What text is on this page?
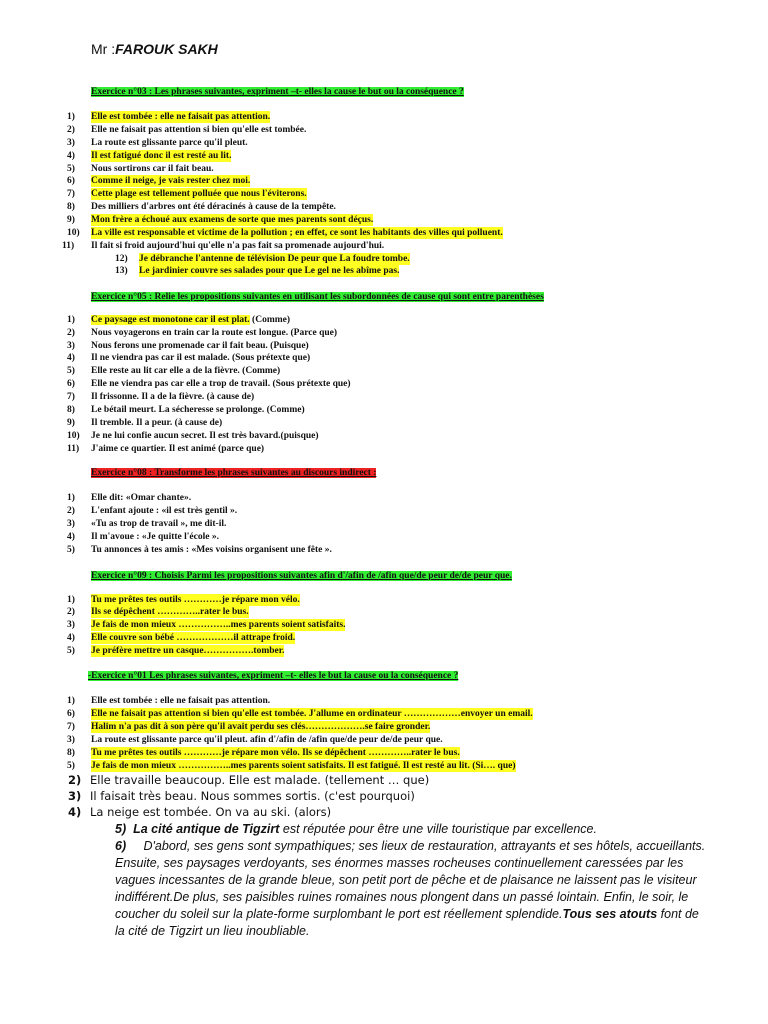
Mr :FAROUK SAKH
Exercice n°03 : Les phrases suivantes, expriment –t- elles la cause le but ou la conséquence ?
1) Elle est tombée : elle ne faisait pas attention.
2) Elle ne faisait pas attention si bien qu'elle est tombée.
3) La route est glissante parce qu'il pleut.
4) Il est fatigué donc il est resté au lit.
5) Nous sortirons car il fait beau.
6) Comme il neige, je vais rester chez moi.
7) Cette plage est tellement polluée que nous l'éviterons.
8) Des milliers d'arbres ont été déracinés à cause de la tempête.
9) Mon frère a échoué aux examens de sorte que mes parents sont déçus.
10) La ville est responsable et victime de la pollution ; en effet, ce sont les habitants des villes qui polluent.
11) Il fait si froid aujourd'hui qu'elle n'a pas fait sa promenade aujourd'hui.
12) Je débranche l'antenne de télévision De peur que La foudre tombe.
13) Le jardinier couvre ses salades pour que Le gel ne les abîme pas.
Exercice n°05 : Relie les propositions suivantes en utilisant les subordonnées de cause qui sont entre parenthèses
1) Ce paysage est monotone car il est plat. (Comme)
2) Nous voyagerons en train car la route est longue. (Parce que)
3) Nous ferons une promenade car il fait beau. (Puisque)
4) Il ne viendra pas car il est malade. (Sous prétexte que)
5) Elle reste au lit car elle a de la fièvre. (Comme)
6) Elle ne viendra pas car elle a trop de travail. (Sous prétexte que)
7) Il frissonne. Il a de la fièvre. (à cause de)
8) Le bétail meurt. La sécheresse se prolonge. (Comme)
9) Il tremble. Il a peur. (à cause de)
10) Je ne lui confie aucun secret. Il est très bavard.(puisque)
11) J'aime ce quartier. Il est animé (parce que)
Exercice n°08 : Transforme les phrases suivantes au discours indirect :
1) Elle dit: «Omar chante».
2) L'enfant ajoute : «il est très gentil ».
3) «Tu as trop de travail », me dit-il.
4) Il m'avoue : «Je quitte l'école ».
5) Tu annonces à tes amis : «Mes voisins organisent une fête ».
Exercice n°09 : Choisis Parmi les propositions suivantes afin d'/afin de /afin que/de peur de/de peur que.
1) Tu me prêtes tes outils …………je répare mon vélo.
2) Ils se dépêchent …………..rater le bus.
3) Je fais de mon mieux ……………..mes parents soient satisfaits.
4) Elle couvre son bébé ………………il attrape froid.
5) Je préfère mettre un casque…………….tomber.
-Exercice n°01 Les phrases suivantes, expriment –t- elles le but la cause ou la conséquence ?
1) Elle est tombée : elle ne faisait pas attention.
6) Elle ne faisait pas attention si bien qu'elle est tombée. J'allume en ordinateur ………………envoyer un email.
7) Halim n'a pas dit à son père qu'il avait perdu ses clés……………….se faire gronder.
3) La route est glissante parce qu'il pleut. afin d'/afin de /afin que/de peur de/de peur que.
8) Tu me prêtes tes outils …………je répare mon vélo. Ils se dépêchent …………..rater le bus.
5) Je fais de mon mieux ……………..mes parents soient satisfaits. Il est fatigué. Il est resté au lit. (Si…. que)
2) Elle travaille beaucoup. Elle est malade. (tellement … que)
3) Il faisait très beau. Nous sommes sortis. (c'est pourquoi)
4) La neige est tombée. On va au ski. (alors)
5) La cité antique de Tigzirt est réputée pour être une ville touristique par excellence.
6) D'abord, ses gens sont sympathiques; ses lieux de restauration, attrayants et ses hôtels, accueillants. Ensuite, ses paysages verdoyants, ses énormes masses rocheuses continuellement caressées par les vagues incessantes de la grande bleue, son petit port de pêche et de plaisance ne laissent pas le visiteur indifférent.De plus, ses paisibles ruines romaines nous plongent dans un passé lointain. Enfin, le soir, le coucher du soleil sur la plate-forme surplombant le port est réellement splendide.Tous ses atouts font de la cité de Tigzirt un lieu inoubliable.
